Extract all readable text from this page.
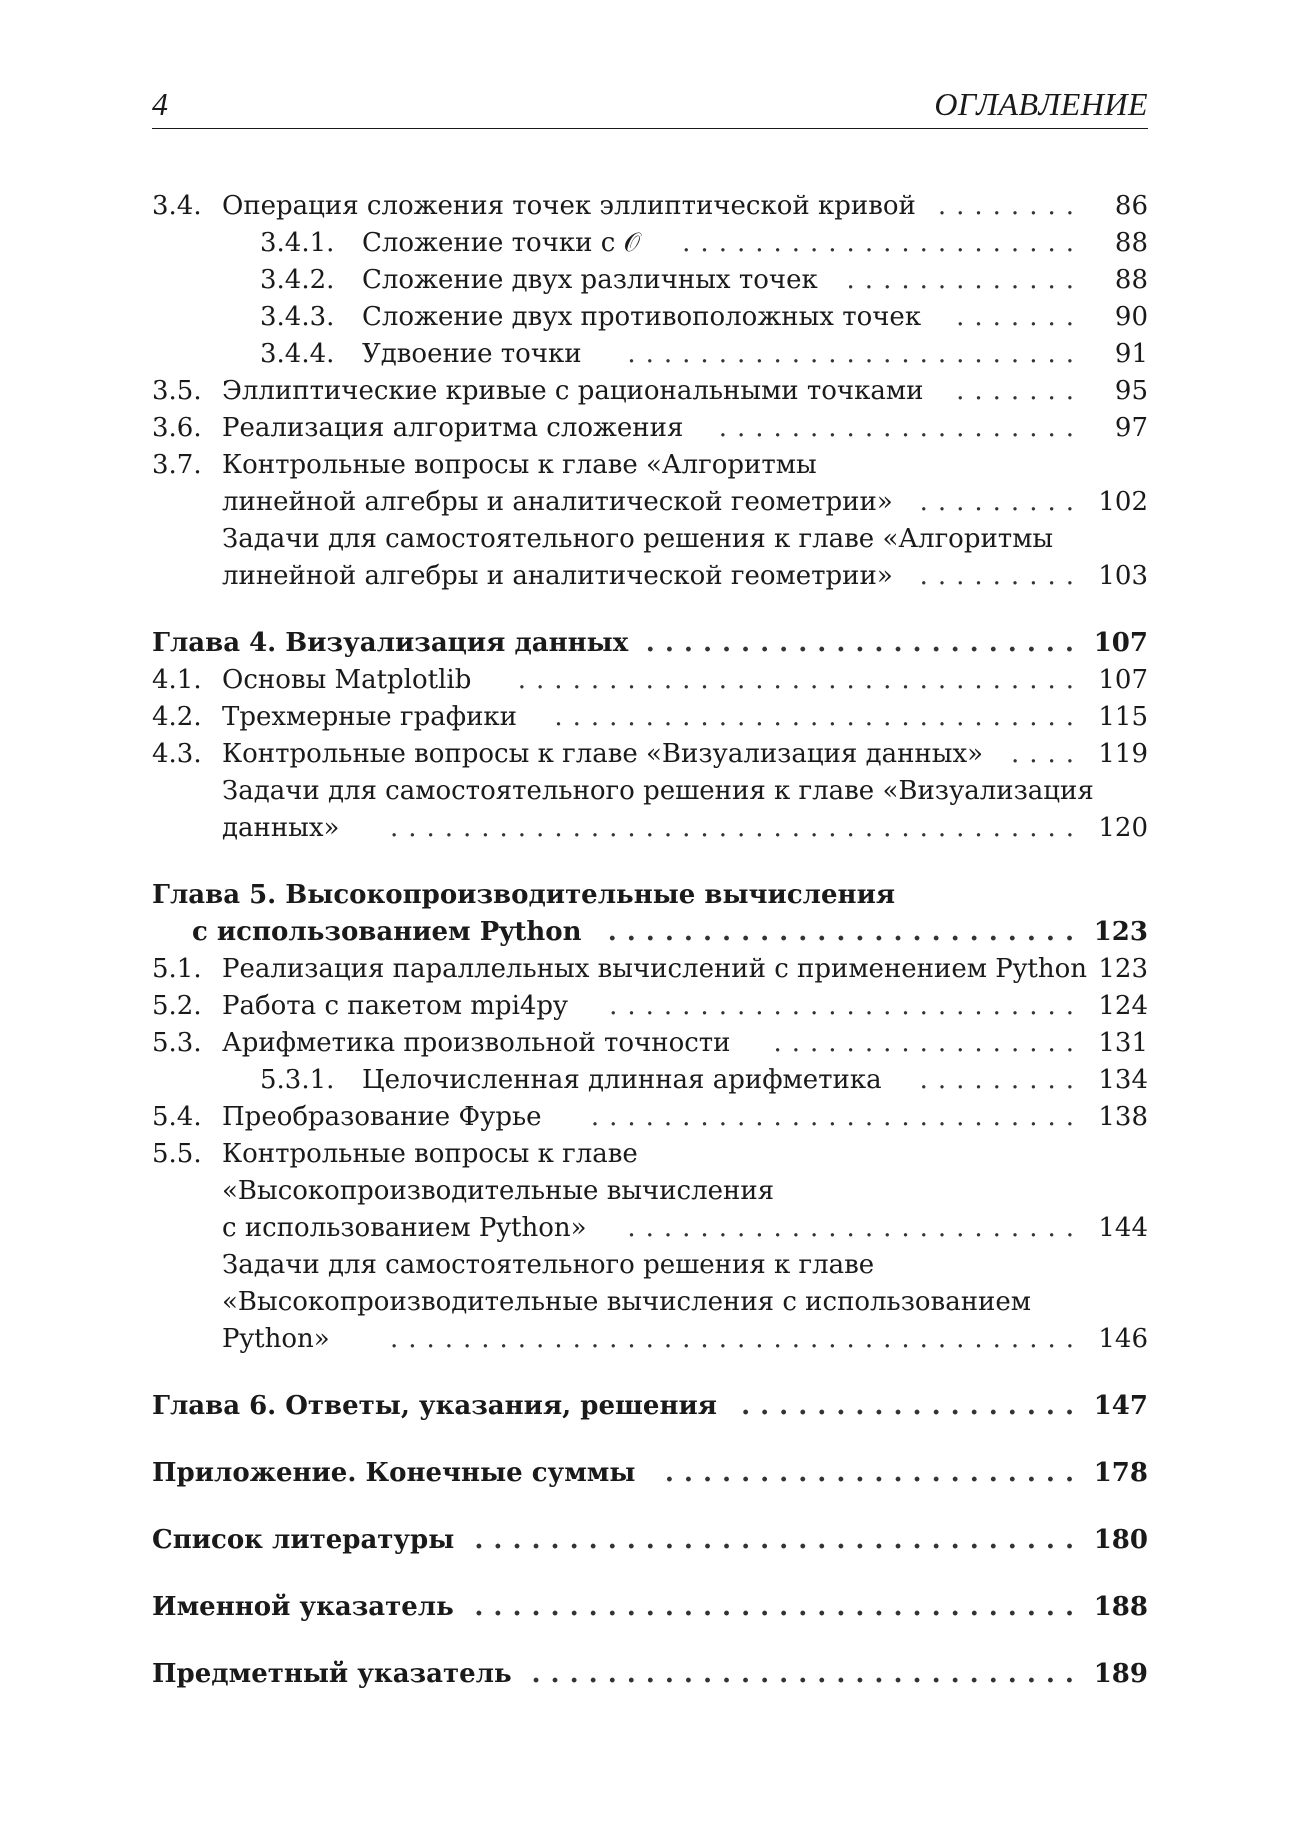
4	ОГЛАВЛЕНИЕ
3.4. Операция сложения точек эллиптической кривой	86
........
3.4.1. Сложение точки с 𝒪	88
......................
3.4.2. Сложение двух различных точек	88
.............
3.4.3. Сложение двух противоположных точек	90
.......
3.4.4. Удвоение точки	91
.........................
3.5. Эллиптические кривые с рациональными точками	95
.......
3.6. Реализация алгоритма сложения	97
....................
3.7. Контрольные вопросы к главе «Алгоритмы
линейной алгебры и аналитической геометрии»	102
.........
Задачи для самостоятельного решения к главе «Алгоритмы
линейной алгебры и аналитической геометрии»	103
.........
Глава 4. Визуализация данных	107
.......................
4.1. Основы Matplotlib	107
...............................
4.2. Трехмерные графики	115
.............................
4.3. Контрольные вопросы к главе «Визуализация данных»	119
....
Задачи для самостоятельного решения к главе «Визуализация
данных»	120
......................................
Глава 5. Высокопроизводительные вычисления
с использованием Python	123
.........................
5.1. Реализация параллельных вычислений с применением Python 123
5.2. Работа с пакетом mpi4py	124
..........................
5.3. Арифметика произвольной точности	131
.................
5.3.1. Целочисленная длинная арифметика	134
.........
5.4. Преобразование Фурье	138
...........................
5.5. Контрольные вопросы к главе
«Высокопроизводительные вычисления
с использованием Python»	144
.........................
Задачи для самостоятельного решения к главе
«Высокопроизводительные вычисления с использованием
Python»	146
......................................
Глава 6. Ответы, указания, решения	147
..................
Приложение. Конечные суммы	178
......................
Список литературы	180
................................
Именной указатель	188
................................
Предметный указатель	189
.............................
